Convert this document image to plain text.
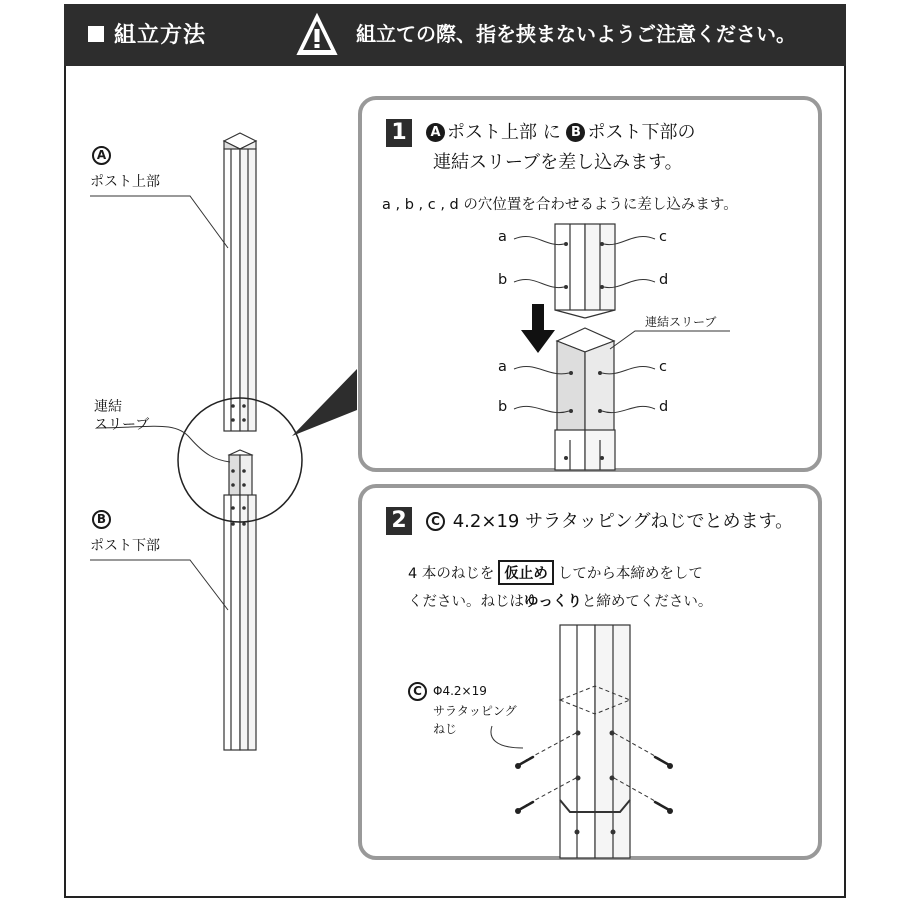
組立方法	組立ての際、指を挟まないようご注意ください。
A
ポスト上部
連結
スリーブ
B
ポスト下部
1	A ポスト上部 に B ポスト下部の
連結スリーブを差し込みます。
a , b , c , d の穴位置を合わせるように差し込みます。
a
b
c
d
a
b
c
d
連結スリーブ
2	C 4.2×19 サラタッピングねじでとめます。
4 本のねじを 仮止め してから本締めをして
ください。ねじはゆっくりと締めてください。
C Φ4.2×19
サラタッピング
ねじ
